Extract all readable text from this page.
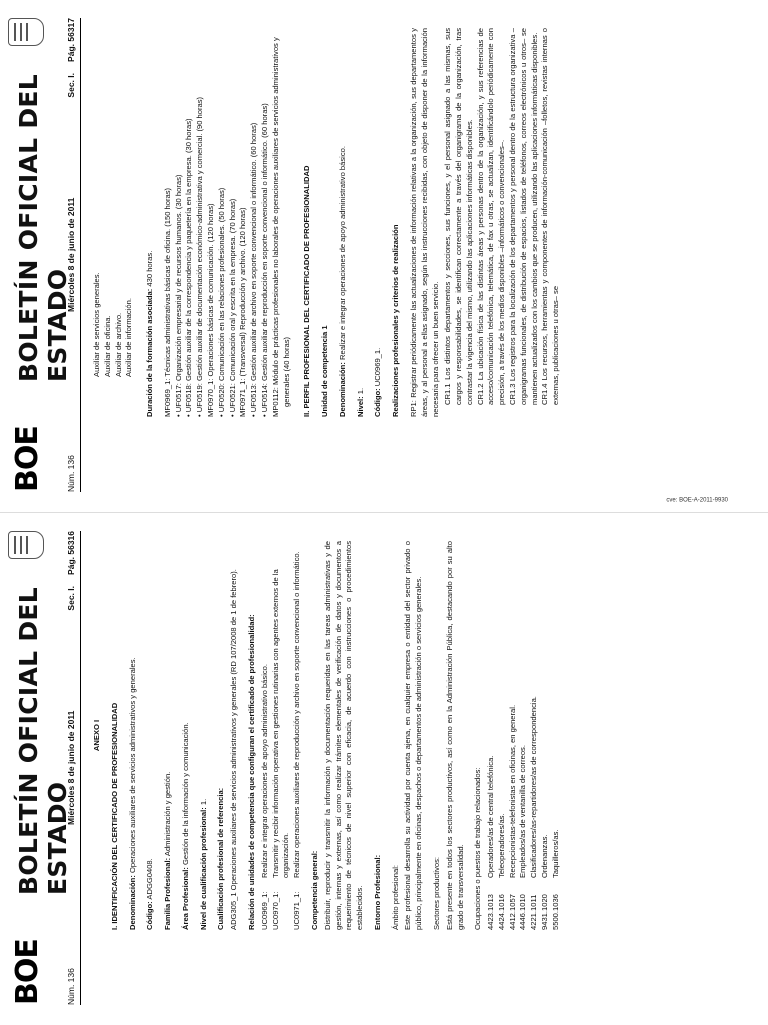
BOE
BOLETÍN OFICIAL DEL ESTADO
Núm. 136
Miércoles 8 de junio de 2011
Sec. I.
Pág. 56317

Auxiliar de servicios generales. Auxiliar de oficina. Auxiliar de archivo. Auxiliar de información. Duración de la formación asociada: 430 horas. MF0969_1: Técnicas administrativas básicas de oficina. (150 horas) • UF0517: Organización empresarial y de recursos humanos. (30 horas) • UF0518: Gestión auxiliar de la correspondencia y paquetería en la empresa. (30 horas) • UF0519: Gestión auxiliar de documentación económico-administrativa y comercial. (90 horas) MF0970_1: Operaciones básicas de comunicación. (120 horas) • UF0520: Comunicación en las relaciones profesionales. (50 horas) • UF0521: Comunicación oral y escrita en la empresa. (70 horas) MF0971_1: (Transversal) Reproducción y archivo. (120 horas) • UF0513: Gestión auxiliar de archivo en soporte convencional o informático. (60 horas) • UF0514: Gestión auxiliar de reproducción en soporte convencional o informático. (60 horas) MP0112: Módulo de prácticas profesionales no laborales de operaciones auxiliares de servicios administrativos y generales (40 horas) II. PERFIL PROFESIONAL DEL CERTIFICADO DE PROFESIONALIDAD Unidad de competencia 1 Denominación: Realizar e integrar operaciones de apoyo administrativo básico.

Nivel: 1. Código: UC0969_1. Realizaciones profesionales y criterios de realización RP1: Registrar periódicamente las actualizaciones de información relativas a la organización, sus departamentos y áreas, y al personal a ellas asignado, según las instrucciones recibidas, con objeto de disponer de la información necesaria para ofrecer un buen servicio. CR1.1 Los distintos departamentos y secciones, sus funciones, y el personal asignado a las mismas, sus cargos y responsabilidades, se identifican correctamente a través del organigrama de la organización, tras contrastar la vigencia del mismo, utilizando las aplicaciones informáticas disponibles. CR1.2 La ubicación física de las distintas áreas y personas dentro de la organización, y sus referencias de acceso/comunicación telefónica, telemática, de fax u otras, se actualizan, identificándolo periódicamente con precisión, a través de los medios disponibles –informáticos o convencionales–. CR1.3 Los registros para la localización de los departamentos y personal dentro de la estructura organizativa –organigramas funcionales, de distribución de espacios, listados de teléfonos, correos electrónicos u otros– se mantienen actualizados con los cambios que se producen, utilizando las aplicaciones informáticas disponibles. CR1.4 Los recursos, herramientas y componentes de información-comunicación –folletos, revistas internas o externas, publicaciones u otras– se

BOE
BOLETÍN OFICIAL DEL ESTADO
Núm. 136
Miércoles 8 de junio de 2011
Sec. I.
Pág. 56316
cve: BOE-A-2011-9930

ANEXO I I. IDENTIFICACIÓN DEL CERTIFICADO DE PROFESIONALIDAD Denominación: Operaciones auxiliares de servicios administrativos y generales.

Código: ADGG0408. Familia Profesional: Administración y gestión.

Área Profesional: Gestión de la información y comunicación.

Nivel de cualificación profesional: 1. Cualificación profesional de referencia: ADG305_1 Operaciones auxiliares de servicios administrativos y generales (RD 107/2008 de 1 de febrero). Relación de unidades de competencia que configuran el certificado de profesionalidad: UC0969_1:
Realizar e integrar operaciones de apoyo administrativo básico.
UC0970_1:
Transmitir y recibir información operativa en gestiones rutinarias con agentes externos de la organización.
UC0971_1:
Realizar operaciones auxiliares de reproducción y archivo en soporte convencional o informático.

Competencia general: Distribuir, reproducir y transmitir la información y documentación requeridas en las tareas administrativas y de gestión, internas y externas, así como realizar trámites elementales de verificación de datos y documentos a requerimiento de técnicos de nivel superior con eficacia, de acuerdo con instrucciones o procedimientos establecidos. Entorno Profesional: Ámbito profesional: Este profesional desarrolla su actividad por cuenta ajena, en cualquier empresa o entidad del sector privado o público, principalmente en oficinas, despachos o departamentos de administración o servicios generales. Sectores productivos: Está presente en todos los sectores productivos, así como en la Administración Pública, destacando por su alto grado de transversalidad. Ocupaciones o puestos de trabajo relacionados: 4423.1013
Operadores/as de central telefónica.
4424.1016
Teleoperadores/as.
4412.1057
Recepcionistas-telefonistas en oficinas, en general.
4446.1010
Empleados/as de ventanilla de correos.
4221.1011
Clasificadores/as-repartidores/as de correspondencia.
9431.1020
Ordenanzas.
5500.1036
Taquilleros/as.
